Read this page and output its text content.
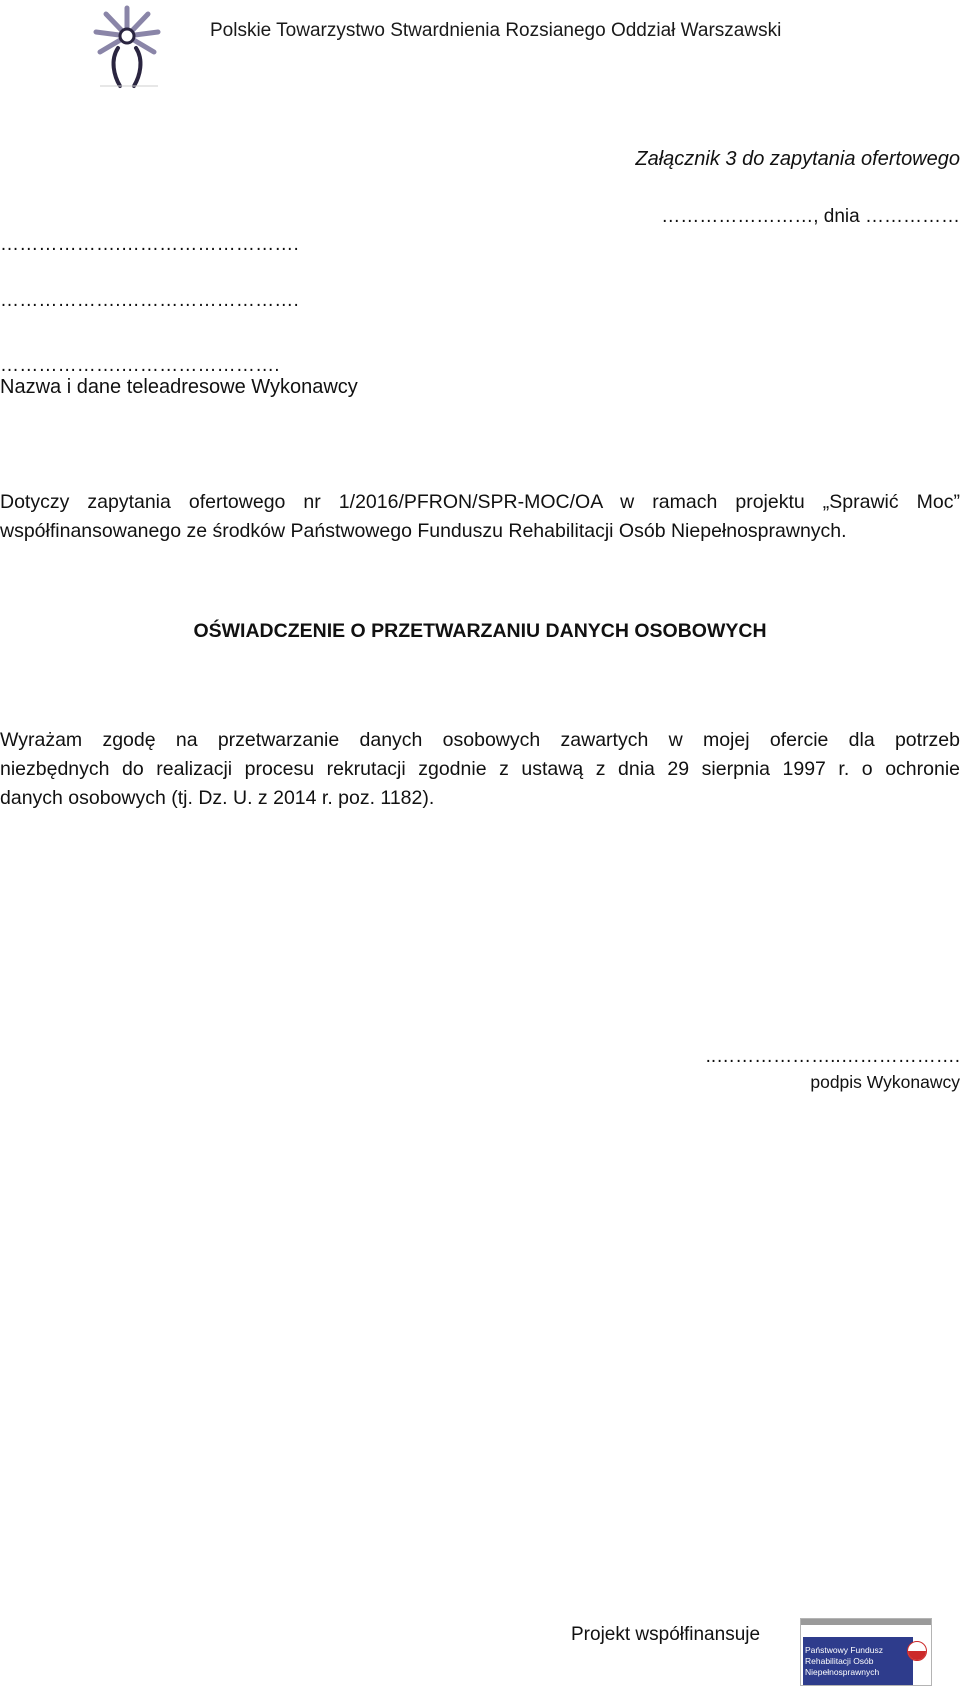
Polskie Towarzystwo Stwardnienia Rozsianego Oddział Warszawski
Załącznik 3 do zapytania ofertowego
……………………, dnia ……………
……………….……………………….
……………….……………………….
……………….…………………….
Nazwa i dane teleadresowe Wykonawcy
Dotyczy zapytania ofertowego nr 1/2016/PFRON/SPR-MOC/OA w ramach projektu „Sprawić Moc”
współfinansowanego ze środków Państwowego Funduszu Rehabilitacji Osób Niepełnosprawnych.
OŚWIADCZENIE O PRZETWARZANIU DANYCH OSOBOWYCH
Wyrażam zgodę na przetwarzanie danych osobowych zawartych w mojej ofercie dla potrzeb
niezbędnych do realizacji procesu rekrutacji zgodnie z ustawą z dnia 29 sierpnia 1997 r. o ochronie
danych osobowych (tj. Dz. U. z 2014 r. poz. 1182).
..………………..……………….
podpis Wykonawcy
Projekt współfinansuje
Państwowy Fundusz
Rehabilitacji Osób
Niepełnosprawnych
